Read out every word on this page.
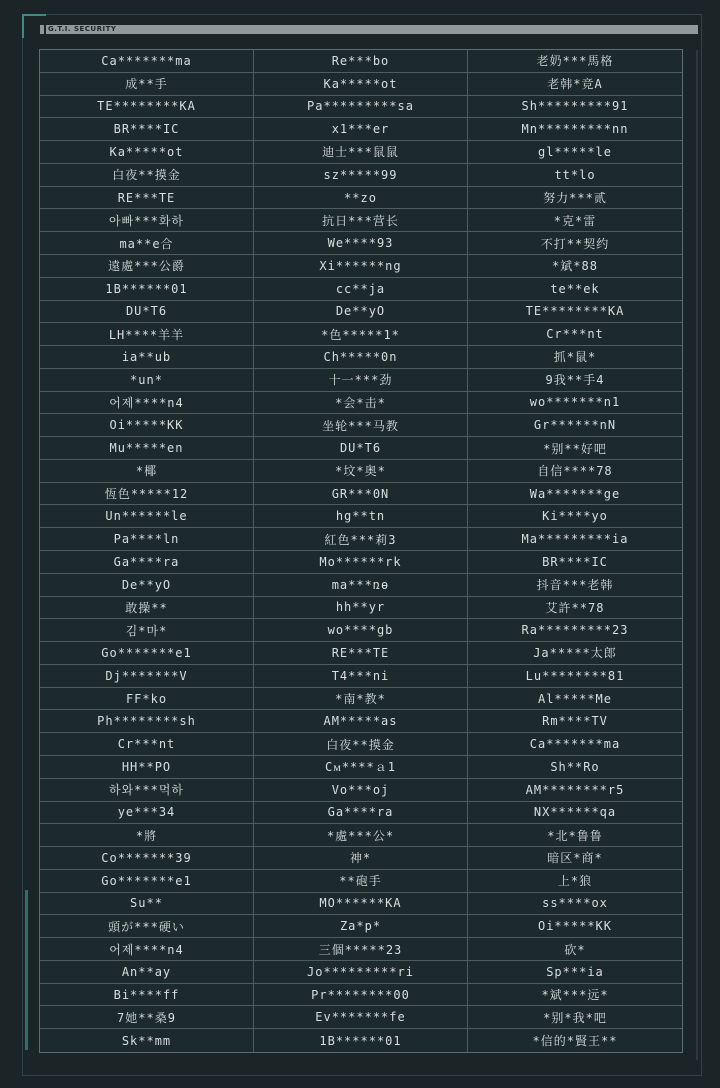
G.T.I. SECURITY
Ca*******ma	Re***bo	老奶***馬格
成**手	Ka*****ot	老韩*竞A
TE********KA	Pa*********sa	Sh*********91
BR****IC	x1***er	Mn*********nn
Ka*****ot	迪士***鼠鼠	gl*****le
白夜**摸金	sz*****99	tt*lo
RE***TE	**zo	努力***贰
아빠***화하	抗日***营长	*克*雷
ma**e合	We****93	不打**契约
遠處***公爵	Xi******ng	*斌*88
1B******01	cc**ja	te**ek
DU*T6	De**yO	TE********KA
LH****羊羊	*色*****1*	Cr***nt
ia**ub	Ch*****0n	抓*鼠*
*un*	十一***劲	9我**手4
어제****n4	*会*击*	wo*******n1
Oi*****KK	坐轮***马教	Gr******nN
Mu*****en	DU*T6	*别**好吧
*椰	*坟*奥*	自信****78
恆色*****12	GR***0N	Wa*******ge
Un******le	hg**tn	Ki****yo
Pa****ln	紅色***莉3	Ma*********ia
Ga****ra	Mo******rk	BR****IC
De**yO	ma***ռө	抖音***老韩
敢操**	hh**yr	艾許**78
김*마*	wo****gb	Ra*********23
Go*******e1	RE***TE	Ja*****太郎
Dj*******V	T4***ni	Lu********81
FF*ko	*南*教*	Al*****Me
Ph********sh	AM*****as	Rm****TV
Cr***nt	白夜**摸金	Ca*******ma
HH**PO	Cᴍ****ａ1	Sh**Ro
하와***먹하	Vo***oj	AM********r5
ye***34	Ga****ra	NX******qa
*將	*處***公*	*北*鲁鲁
Co*******39	神*	暗区*商*
Go*******e1	**砲手	上*狼
Su**	MO******KA	ss****ox
頭が***硬い	Za*p*	Oi*****KK
어제****n4	三個*****23	砍*
An**ay	Jo*********ri	Sp***ia
Bi****ff	Pr********00	*斌***远*
7她**桑9	Ev*******fe	*别*我*吧
Sk**mm	1B******01	*信的*賢王**
